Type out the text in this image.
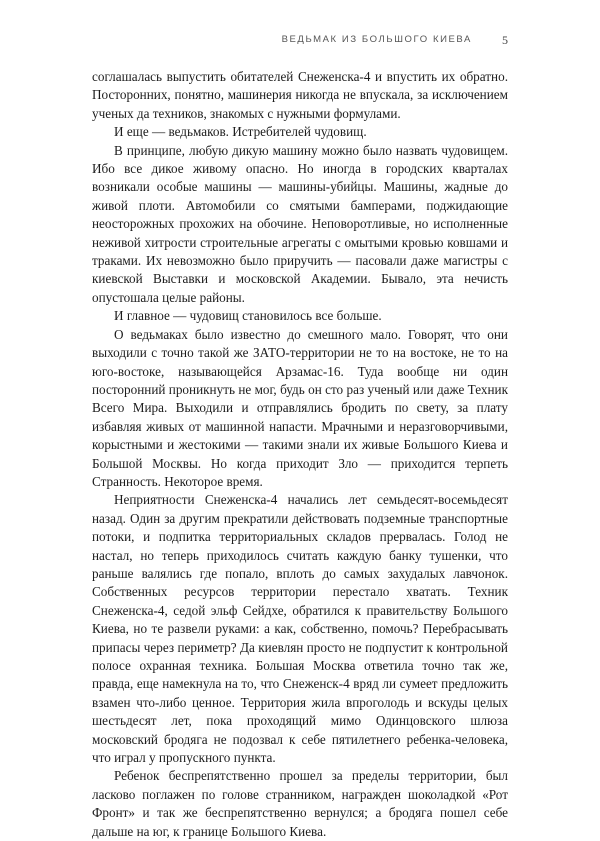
ВЕДЬМАК ИЗ БОЛЬШОГО КИЕВА	5

соглашалась выпустить обитателей Снеженска-4 и впустить их обратно. Посторонних, понятно, машинерия никогда не впускала, за исключением ученых да техников, знакомых с нужными формулами.

И еще — ведьмаков. Истребителей чудовищ.

В принципе, любую дикую машину можно было назвать чудовищем. Ибо все дикое живому опасно. Но иногда в городских кварталах возникали особые машины — машины-убийцы. Машины, жадные до живой плоти. Автомобили со смятыми бамперами, поджидающие неосторожных прохожих на обочине. Неповоротливые, но исполненные неживой хитрости строительные агрегаты с омытыми кровью ковшами и траками. Их невозможно было приручить — пасовали даже магистры с киевской Выставки и московской Академии. Бывало, эта нечисть опустошала целые районы.

И главное — чудовищ становилось все больше.

О ведьмаках было известно до смешного мало. Говорят, что они выходили с точно такой же ЗАТО-территории не то на востоке, не то на юго-востоке, называющейся Арзамас-16. Туда вообще ни один посторонний проникнуть не мог, будь он сто раз ученый или даже Техник Всего Мира. Выходили и отправлялись бродить по свету, за плату избавляя живых от машинной напасти. Мрачными и неразговорчивыми, корыстными и жестокими — такими знали их живые Большого Киева и Большой Москвы. Но когда приходит Зло — приходится терпеть Странность. Некоторое время.

Неприятности Снеженска-4 начались лет семьдесят-восемьдесят назад. Один за другим прекратили действовать подземные транспортные потоки, и подпитка территориальных складов прервалась. Голод не настал, но теперь приходилось считать каждую банку тушенки, что раньше валялись где попало, вплоть до самых захудалых лавчонок. Собственных ресурсов территории перестало хватать. Техник Снеженска-4, седой эльф Сейдхе, обратился к правительству Большого Киева, но те развели руками: а как, собственно, помочь? Перебрасывать припасы через периметр? Да киевлян просто не подпустит к контрольной полосе охранная техника. Большая Москва ответила точно так же, правда, еще намекнула на то, что Снеженск-4 вряд ли сумеет предложить взамен что-либо ценное. Территория жила впроголодь и вскуды целых шестьдесят лет, пока проходящий мимо Одинцовского шлюза московский бродяга не подозвал к себе пятилетнего ребенка-человека, что играл у пропускного пункта.

Ребенок беспрепятственно прошел за пределы территории, был ласково поглажен по голове странником, награжден шоколадкой «Рот Фронт» и так же беспрепятственно вернулся; а бродяга пошел себе дальше на юг, к границе Большого Киева.
